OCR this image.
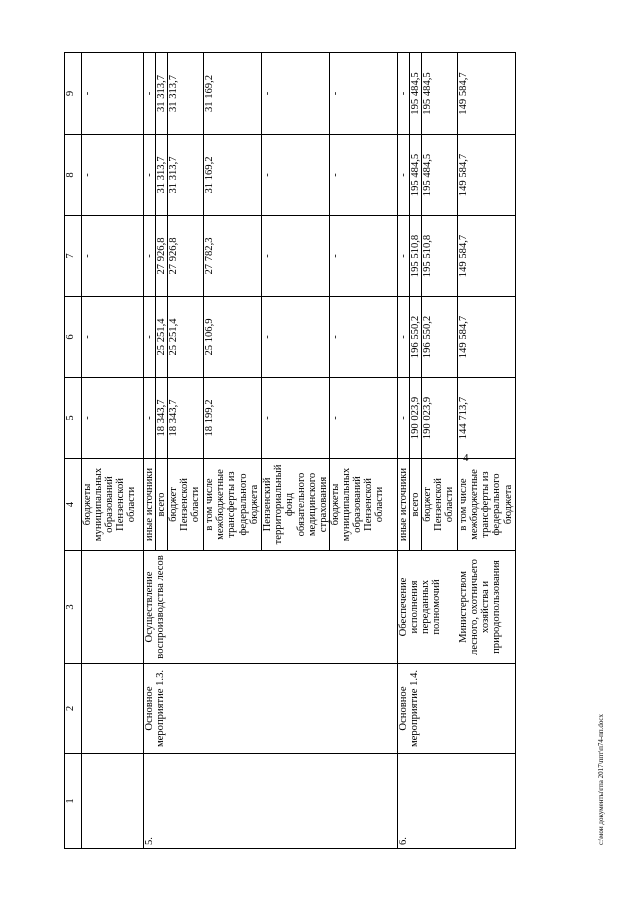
4
1	2	3	4	5	6	7	8	9
			бюджеты муниципальных образований Пензенской области	-	-	-	-	-
5.	Основное мероприятие 1.3.	Осуществление воспроизводства лесов	иные источники	-	-	-	-	-
			всего	18 343,7	25 251,4	27 926,8	31 313,7	31 313,7
			бюджет Пензенской области	18 343,7	25 251,4	27 926,8	31 313,7	31 313,7
			в том числе межбюджетные трансферты из федерального бюджета	18 199,2	25 106,9	27 782,3	31 169,2	31 169,2
			Пензенский территориальный фонд обязательного медицинского страхования	-	-	-	-	-
			бюджеты муниципальных образований Пензенской области	-	-	-	-	-
6.	Основное мероприятие 1.4.	Обеспечение исполнения переданных полномочий	иные источники	-	-	-	-	-
			всего	190 023,9	196 550,2	195 510,8	195 484,5	195 484,5
			бюджет Пензенской области	190 023,9	196 550,2	195 510,8	195 484,5	195 484,5
		Министерством лесного, охотничьего хозяйства и природопользования	в том числе межбюджетные трансферты из федерального бюджета	144 713,7	149 584,7	149 584,7	149 584,7	149 584,7
c:\мои документы\гпа 2017\ппт\п74-пп.docx
